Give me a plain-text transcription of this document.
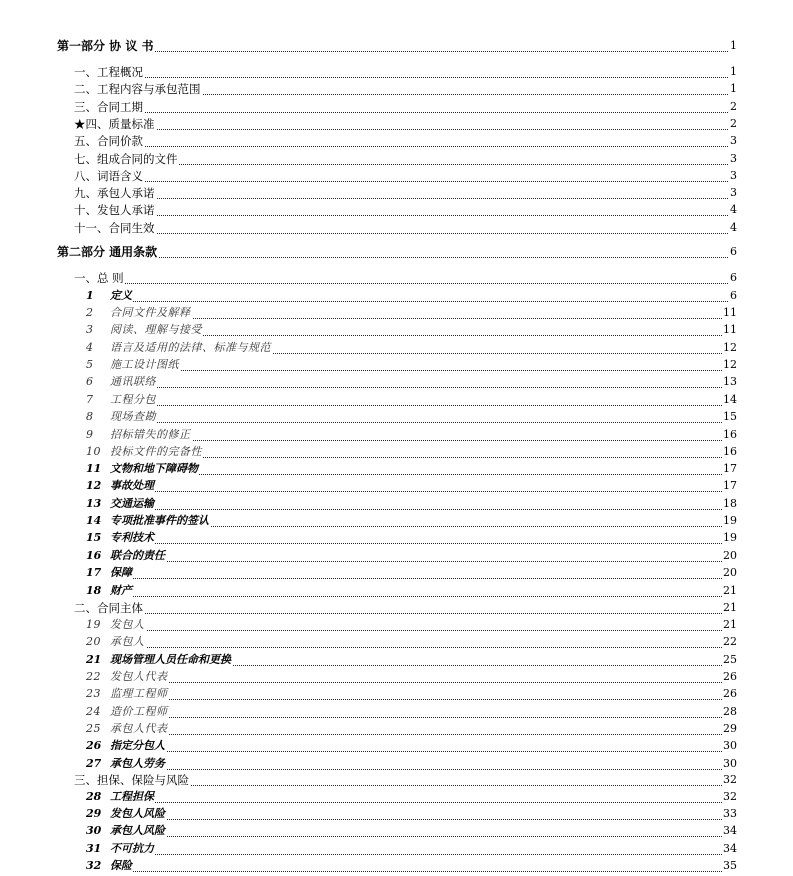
第一部分 协 议 书	1
一、工程概况	1
二、工程内容与承包范围	1
三、合同工期	2
★四、质量标准	2
五、合同价款	3
七、组成合同的文件	3
八、词语含义	3
九、承包人承诺	3
十、发包人承诺	4
十一、合同生效	4
第二部分 通用条款	6
一、总 则	6
1 定义	6
2 合同文件及解释	11
3 阅读、理解与接受	11
4 语言及适用的法律、标准与规范	12
5 施工设计图纸	12
6 通讯联络	13
7 工程分包	14
8 现场查勘	15
9 招标错失的修正	16
10 投标文件的完备性	16
11 文物和地下障碍物	17
12 事故处理	17
13 交通运输	18
14 专项批准事件的签认	19
15 专利技术	19
16 联合的责任	20
17 保障	20
18 财产	21
二、合同主体	21
19 发包人	21
20 承包人	22
21 现场管理人员任命和更换	25
22 发包人代表	26
23 监理工程师	26
24 造价工程师	28
25 承包人代表	29
26 指定分包人	30
27 承包人劳务	30
三、担保、保险与风险	32
28 工程担保	32
29 发包人风险	33
30 承包人风险	34
31 不可抗力	34
32 保险	35
